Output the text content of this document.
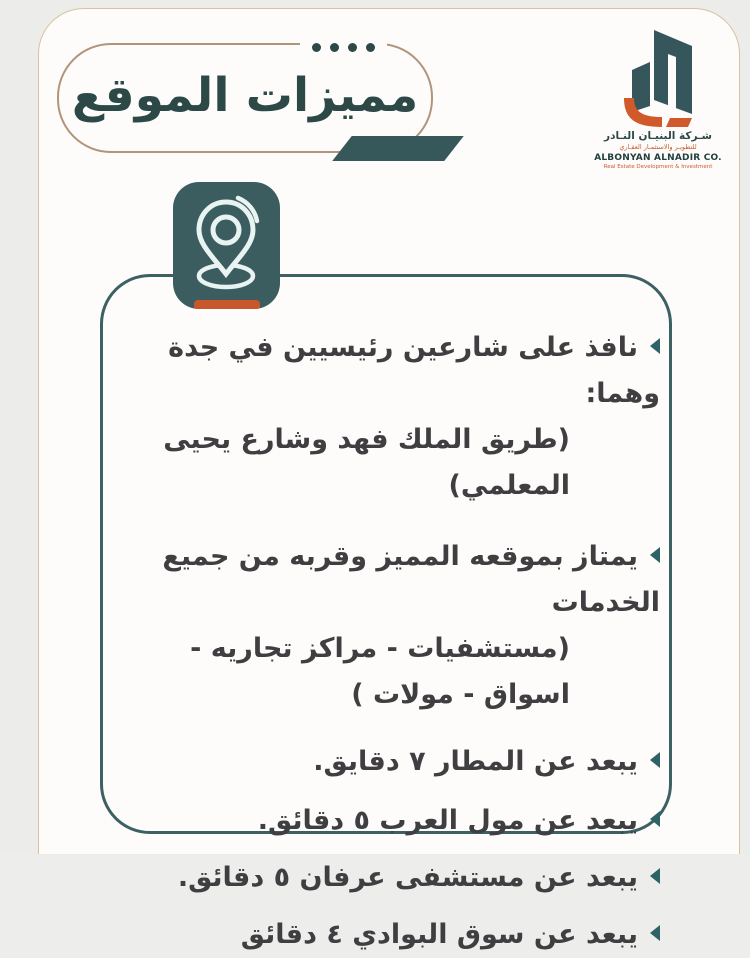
مميزات الموقع
شـركة البنيـان النـادر
للتطويـر والاستثمـار العقـاري
ALBONYAN ALNADIR CO.
Real Estate Development & Investment
نافذ على شارعين رئيسيين في جدة وهما:
(طريق الملك فهد وشارع يحيى المعلمي)
يمتاز بموقعه المميز وقربه من جميع الخدمات
(مستشفيات - مراكز تجاريه - اسواق - مولات )
يبعد عن المطار ٧ دقايق.
يبعد عن مول العرب ٥ دقائق.
يبعد عن مستشفى عرفان ٥ دقائق.
يبعد عن سوق البوادي ٤ دقائق
